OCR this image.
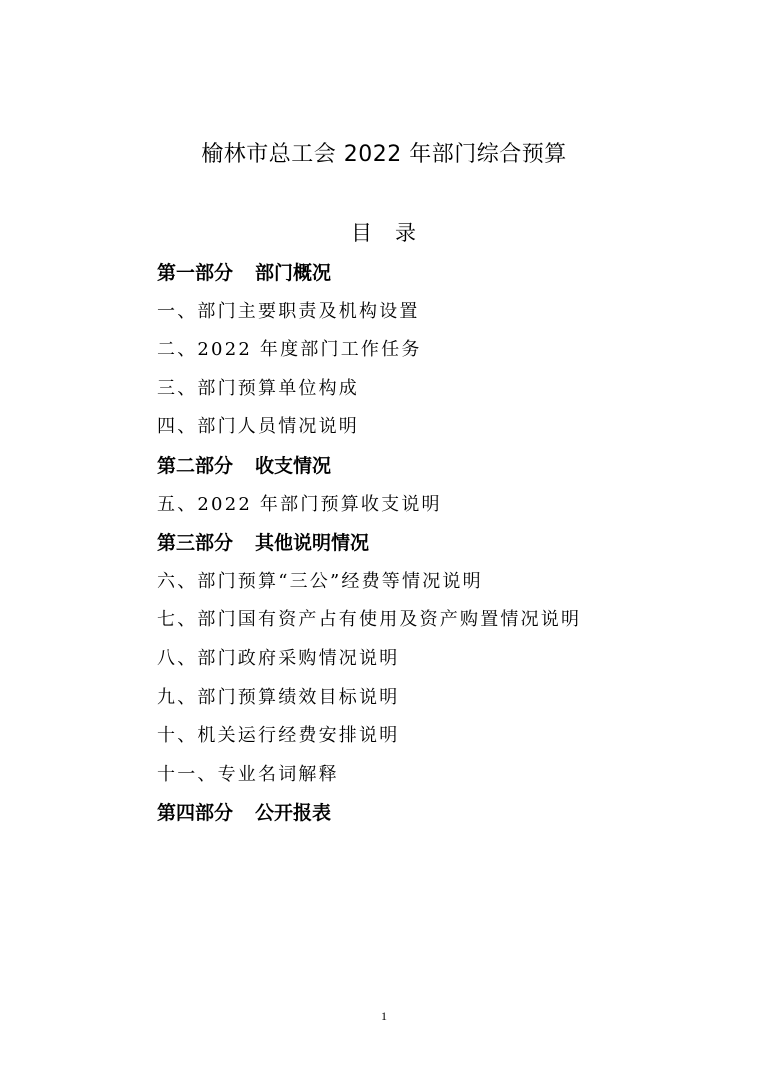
榆林市总工会 2022 年部门综合预算
目 录
第一部分 部门概况
一、部门主要职责及机构设置
二、2022 年度部门工作任务
三、部门预算单位构成
四、部门人员情况说明
第二部分 收支情况
五、2022 年部门预算收支说明
第三部分 其他说明情况
六、部门预算“三公”经费等情况说明
七、部门国有资产占有使用及资产购置情况说明
八、部门政府采购情况说明
九、部门预算绩效目标说明
十、机关运行经费安排说明
十一、专业名词解释
第四部分 公开报表
1
